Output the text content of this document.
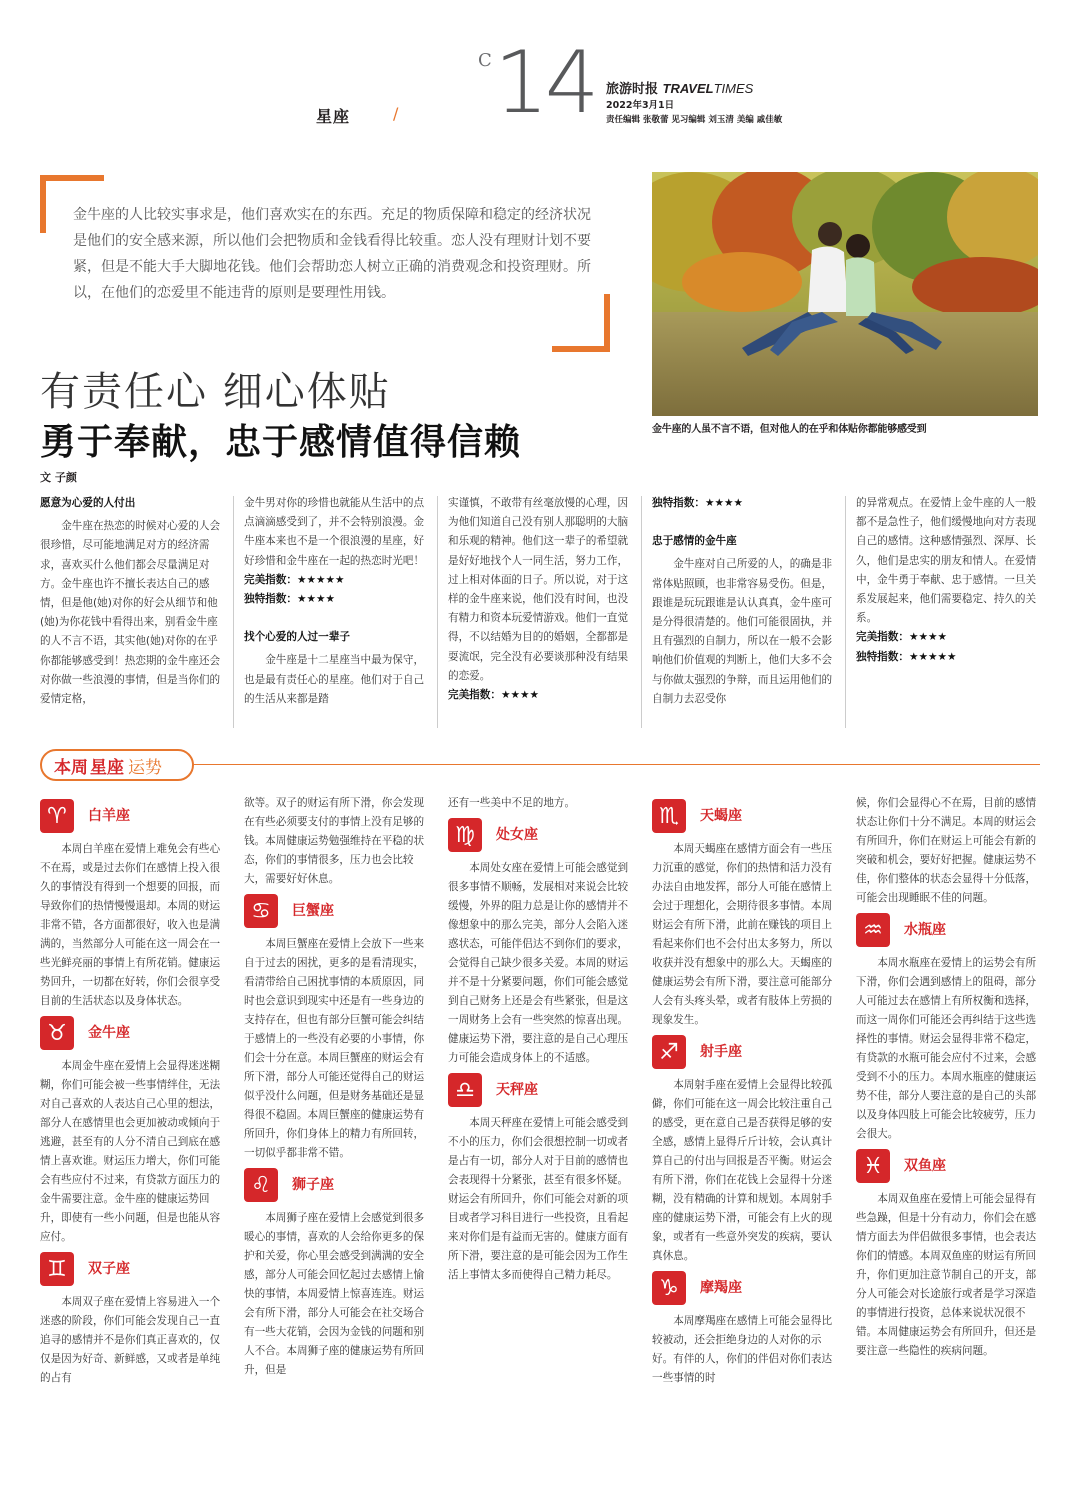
星座	/
C 14 旅游时报 TRAVELTIMES
2022年3月1日
责任编辑 张敬蕾 见习编辑 刘玉清 美编 戚佳敏
金牛座的人比较实事求是，他们喜欢实在的东西。充足的物质保障和稳定的经济状况是他们的安全感来源，所以他们会把物质和金钱看得比较重。恋人没有理财计划不要紧，但是不能大手大脚地花钱。他们会帮助恋人树立正确的消费观念和投资理财。所以，在他们的恋爱里不能违背的原则是要理性用钱。
金牛座的人虽不言不语，但对他人的在乎和体贴你都能够感受到
有责任心 细心体贴
勇于奉献，忠于感情值得信赖
文 子颜

愿意为心爱的人付出

金牛座在热恋的时候对心爱的人会很珍惜，尽可能地满足对方的经济需求，喜欢买什么他们都会尽量满足对方。金牛座也许不擅长表达自己的感情，但是他(她)对你的好会从细节和他(她)为你花钱中看得出来，别看金牛座的人不言不语，其实他(她)对你的在乎你都能够感受到！热恋期的金牛座还会对你做一些浪漫的事情，但是当你们的爱情定格，

金牛男对你的珍惜也就能从生活中的点点滴滴感受到了，并不会特别浪漫。金牛座本来也不是一个很浪漫的星座，好好珍惜和金牛座在一起的热恋时光吧！

完美指数：★★★★★

独特指数：★★★★

找个心爱的人过一辈子

金牛座是十二星座当中最为保守，也是最有责任心的星座。他们对于自己的生活从来都是踏

实谨慎，不敢带有丝毫放慢的心理，因为他们知道自己没有别人那聪明的大脑和乐观的精神。他们这一辈子的希望就是好好地找个人一同生活，努力工作，过上相对体面的日子。所以说，对于这样的金牛座来说，他们没有时间，也没有精力和资本玩爱情游戏。他们一直觉得，不以结婚为目的的婚姻，全都都是耍流氓，完全没有必要谈那种没有结果的恋爱。

完美指数：★★★★

独特指数：★★★★

忠于感情的金牛座

金牛座对自己所爱的人，的确是非常体贴照顾，也非常容易受伤。但是，跟谁是玩玩跟谁是认认真真，金牛座可是分得很清楚的。他们可能很固执，并且有强烈的自制力，所以在一般不会影响他们价值观的判断上，他们大多不会与你做太强烈的争辩，而且运用他们的自制力去忍受你

的异常观点。在爱情上金牛座的人一般都不是急性子，他们缓慢地向对方表现自己的感情。这种感情强烈、深厚、长久，他们是忠实的朋友和情人。在爱情中，金牛勇于奉献、忠于感情。一旦关系发展起来，他们需要稳定、持久的关系。

完美指数：★★★★

独特指数：★★★★★

本周 星座 运势
♈	白羊座

本周白羊座在爱情上难免会有些心不在焉，或是过去你们在感情上投入很久的事情没有得到一个想要的回报，而导致你们的热情慢慢退却。本周的财运非常不错，各方面都很好，收入也是满满的，当然部分人可能在这一周会在一些光鲜亮丽的事情上有所花销。健康运势回升，一切都在好转，你们会很享受目前的生活状态以及身体状态。

♉	金牛座

本周金牛座在爱情上会显得迷迷糊糊，你们可能会被一些事情绊住，无法对自己喜欢的人表达自己心里的想法，部分人在感情里也会更加被动或倾向于逃避，甚至有的人分不清自己到底在感情上喜欢谁。财运压力增大，你们可能会有些应付不过来，有贷款方面压力的金牛需要注意。金牛座的健康运势回升，即使有一些小问题，但是也能从容应付。

♊	双子座

本周双子座在爱情上容易进入一个迷惑的阶段，你们可能会发现自己一直追寻的感情并不是你们真正喜欢的，仅仅是因为好奇、新鲜感，又或者是单纯的占有

欲等。双子的财运有所下滑，你会发现在有些必须要支付的事情上没有足够的钱。本周健康运势勉强维持在平稳的状态，你们的事情很多，压力也会比较大，需要好好休息。

♋	巨蟹座

本周巨蟹座在爱情上会放下一些来自于过去的困扰，更多的是看清现实，看清带给自己困扰事情的本质原因，同时也会意识到现实中还是有一些身边的支持存在，但也有部分巨蟹可能会纠结于感情上的一些没有必要的小事情，你们会十分在意。本周巨蟹座的财运会有所下滑，部分人可能还觉得自己的财运似乎没什么问题，但是财务基础还是显得很不稳固。本周巨蟹座的健康运势有所回升，你们身体上的精力有所回转，一切似乎都非常不错。

♌	狮子座

本周狮子座在爱情上会感觉到很多暖心的事情，喜欢的人会给你更多的保护和关爱，你心里会感受到满满的安全感，部分人可能会回忆起过去感情上愉快的事情，本周爱情上惊喜连连。财运会有所下滑，部分人可能会在社交场合有一些大花销，会因为金钱的问题和别人不合。本周狮子座的健康运势有所回升，但是

还有一些美中不足的地方。

♍	处女座

本周处女座在爱情上可能会感觉到很多事情不顺畅，发展相对来说会比较缓慢，外界的阻力总是让你的感情并不像想象中的那么完美，部分人会陷入迷惑状态，可能伴侣达不到你们的要求，会觉得自己缺少很多关爱。本周的财运并不是十分紧要问题，你们可能会感觉到自己财务上还是会有些紧张，但是这一周财务上会有一些突然的惊喜出现。健康运势下滑，要注意的是自己心理压力可能会造成身体上的不适感。

♎	天秤座

本周天秤座在爱情上可能会感受到不小的压力，你们会很想控制一切或者是占有一切，部分人对于目前的感情也会表现得十分紧张，甚至有很多怀疑。财运会有所回升，你们可能会对新的项目或者学习科目进行一些投资，且看起来对你们是有益而无害的。健康方面有所下滑，要注意的是可能会因为工作生活上事情太多而使得自己精力耗尽。

♏	天蝎座

本周天蝎座在感情方面会有一些压力沉重的感觉，你们的热情和活力没有办法自由地发挥，部分人可能在感情上会过于理想化，会期待很多事情。本周财运会有所下滑，此前在赚钱的项目上看起来你们也不会付出太多努力，所以收获并没有想象中的那么大。天蝎座的健康运势会有所下滑，要注意可能部分人会有头疼头晕，或者有肢体上劳损的现象发生。

♐	射手座

本周射手座在爱情上会显得比较孤僻，你们可能在这一周会比较注重自己的感受，更在意自己是否获得足够的安全感，感情上显得斤斤计较，会认真计算自己的付出与回报是否平衡。财运会有所下滑，你们在花钱上会显得十分迷糊，没有精确的计算和规划。本周射手座的健康运势下滑，可能会有上火的现象，或者有一些意外突发的疾病，要认真休息。

♑	摩羯座

本周摩羯座在感情上可能会显得比较被动，还会拒绝身边的人对你的示好。有伴的人，你们的伴侣对你们表达一些事情的时

候，你们会显得心不在焉，目前的感情状态让你们十分不满足。本周的财运会有所回升，你们在财运上可能会有新的突破和机会，要好好把握。健康运势不佳，你们整体的状态会显得十分低落，可能会出现睡眠不佳的问题。

♒	水瓶座

本周水瓶座在爱情上的运势会有所下滑，你们会遇到感情上的阻碍，部分人可能过去在感情上有所权衡和选择，而这一周你们可能还会再纠结于这些选择性的事情。财运会显得非常不稳定，有贷款的水瓶可能会应付不过来，会感受到不小的压力。本周水瓶座的健康运势不佳，部分人要注意的是自己的头部以及身体四肢上可能会比较疲劳，压力会很大。

♓	双鱼座

本周双鱼座在爱情上可能会显得有些急躁，但是十分有动力，你们会在感情方面去为伴侣做很多事情，也会表达你们的情感。本周双鱼座的财运有所回升，你们更加注意节制自己的开支，部分人可能会对长途旅行或者是学习深造的事情进行投资，总体来说状况很不错。本周健康运势会有所回升，但还是要注意一些隐性的疾病问题。
